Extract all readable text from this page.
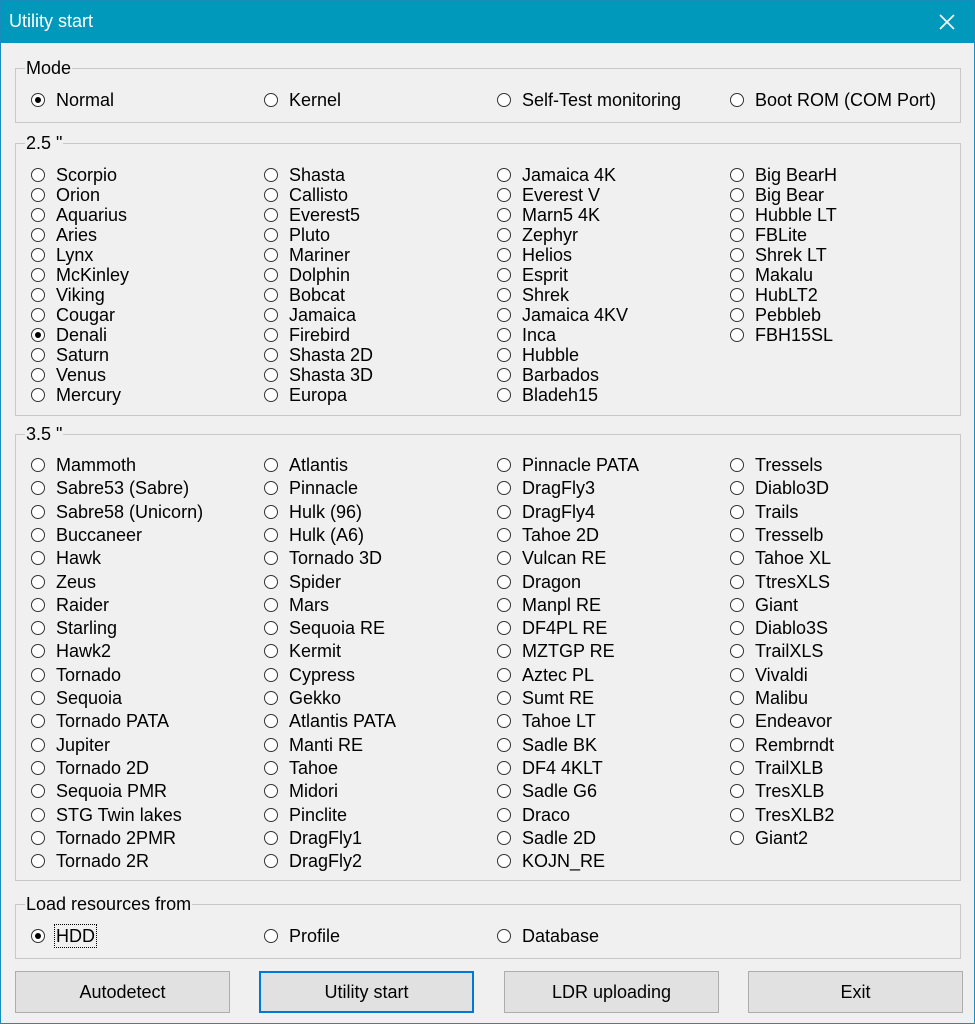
Utility start
Mode
2.5 "
3.5 "
Load resources from
Normal	Kernel	Self-Test monitoring	Boot ROM (COM Port)
Scorpio
Orion
Aquarius
Aries
Lynx
McKinley
Viking
Cougar
Denali
Saturn
Venus
Mercury
Shasta
Callisto
Everest5
Pluto
Mariner
Dolphin
Bobcat
Jamaica
Firebird
Shasta 2D
Shasta 3D
Europa
Jamaica 4K
Everest V
Marn5 4K
Zephyr
Helios
Esprit
Shrek
Jamaica 4KV
Inca
Hubble
Barbados
Bladeh15
Big BearH
Big Bear
Hubble LT
FBLite
Shrek LT
Makalu
HubLT2
Pebbleb
FBH15SL
Mammoth
Sabre53 (Sabre)
Sabre58 (Unicorn)
Buccaneer
Hawk
Zeus
Raider
Starling
Hawk2
Tornado
Sequoia
Tornado PATA
Jupiter
Tornado 2D
Sequoia PMR
STG Twin lakes
Tornado 2PMR
Tornado 2R
Atlantis
Pinnacle
Hulk (96)
Hulk (A6)
Tornado 3D
Spider
Mars
Sequoia RE
Kermit
Cypress
Gekko
Atlantis PATA
Manti RE
Tahoe
Midori
Pinclite
DragFly1
DragFly2
Pinnacle PATA
DragFly3
DragFly4
Tahoe 2D
Vulcan RE
Dragon
Manpl RE
DF4PL RE
MZTGP RE
Aztec PL
Sumt RE
Tahoe LT
Sadle BK
DF4 4KLT
Sadle G6
Draco
Sadle 2D
KOJN_RE
Tressels
Diablo3D
Trails
Tresselb
Tahoe XL
TtresXLS
Giant
Diablo3S
TrailXLS
Vivaldi
Malibu
Endeavor
Rembrndt
TrailXLB
TresXLB
TresXLB2
Giant2
HDD	Profile	Database
Autodetect	Utility start	LDR uploading	Exit
